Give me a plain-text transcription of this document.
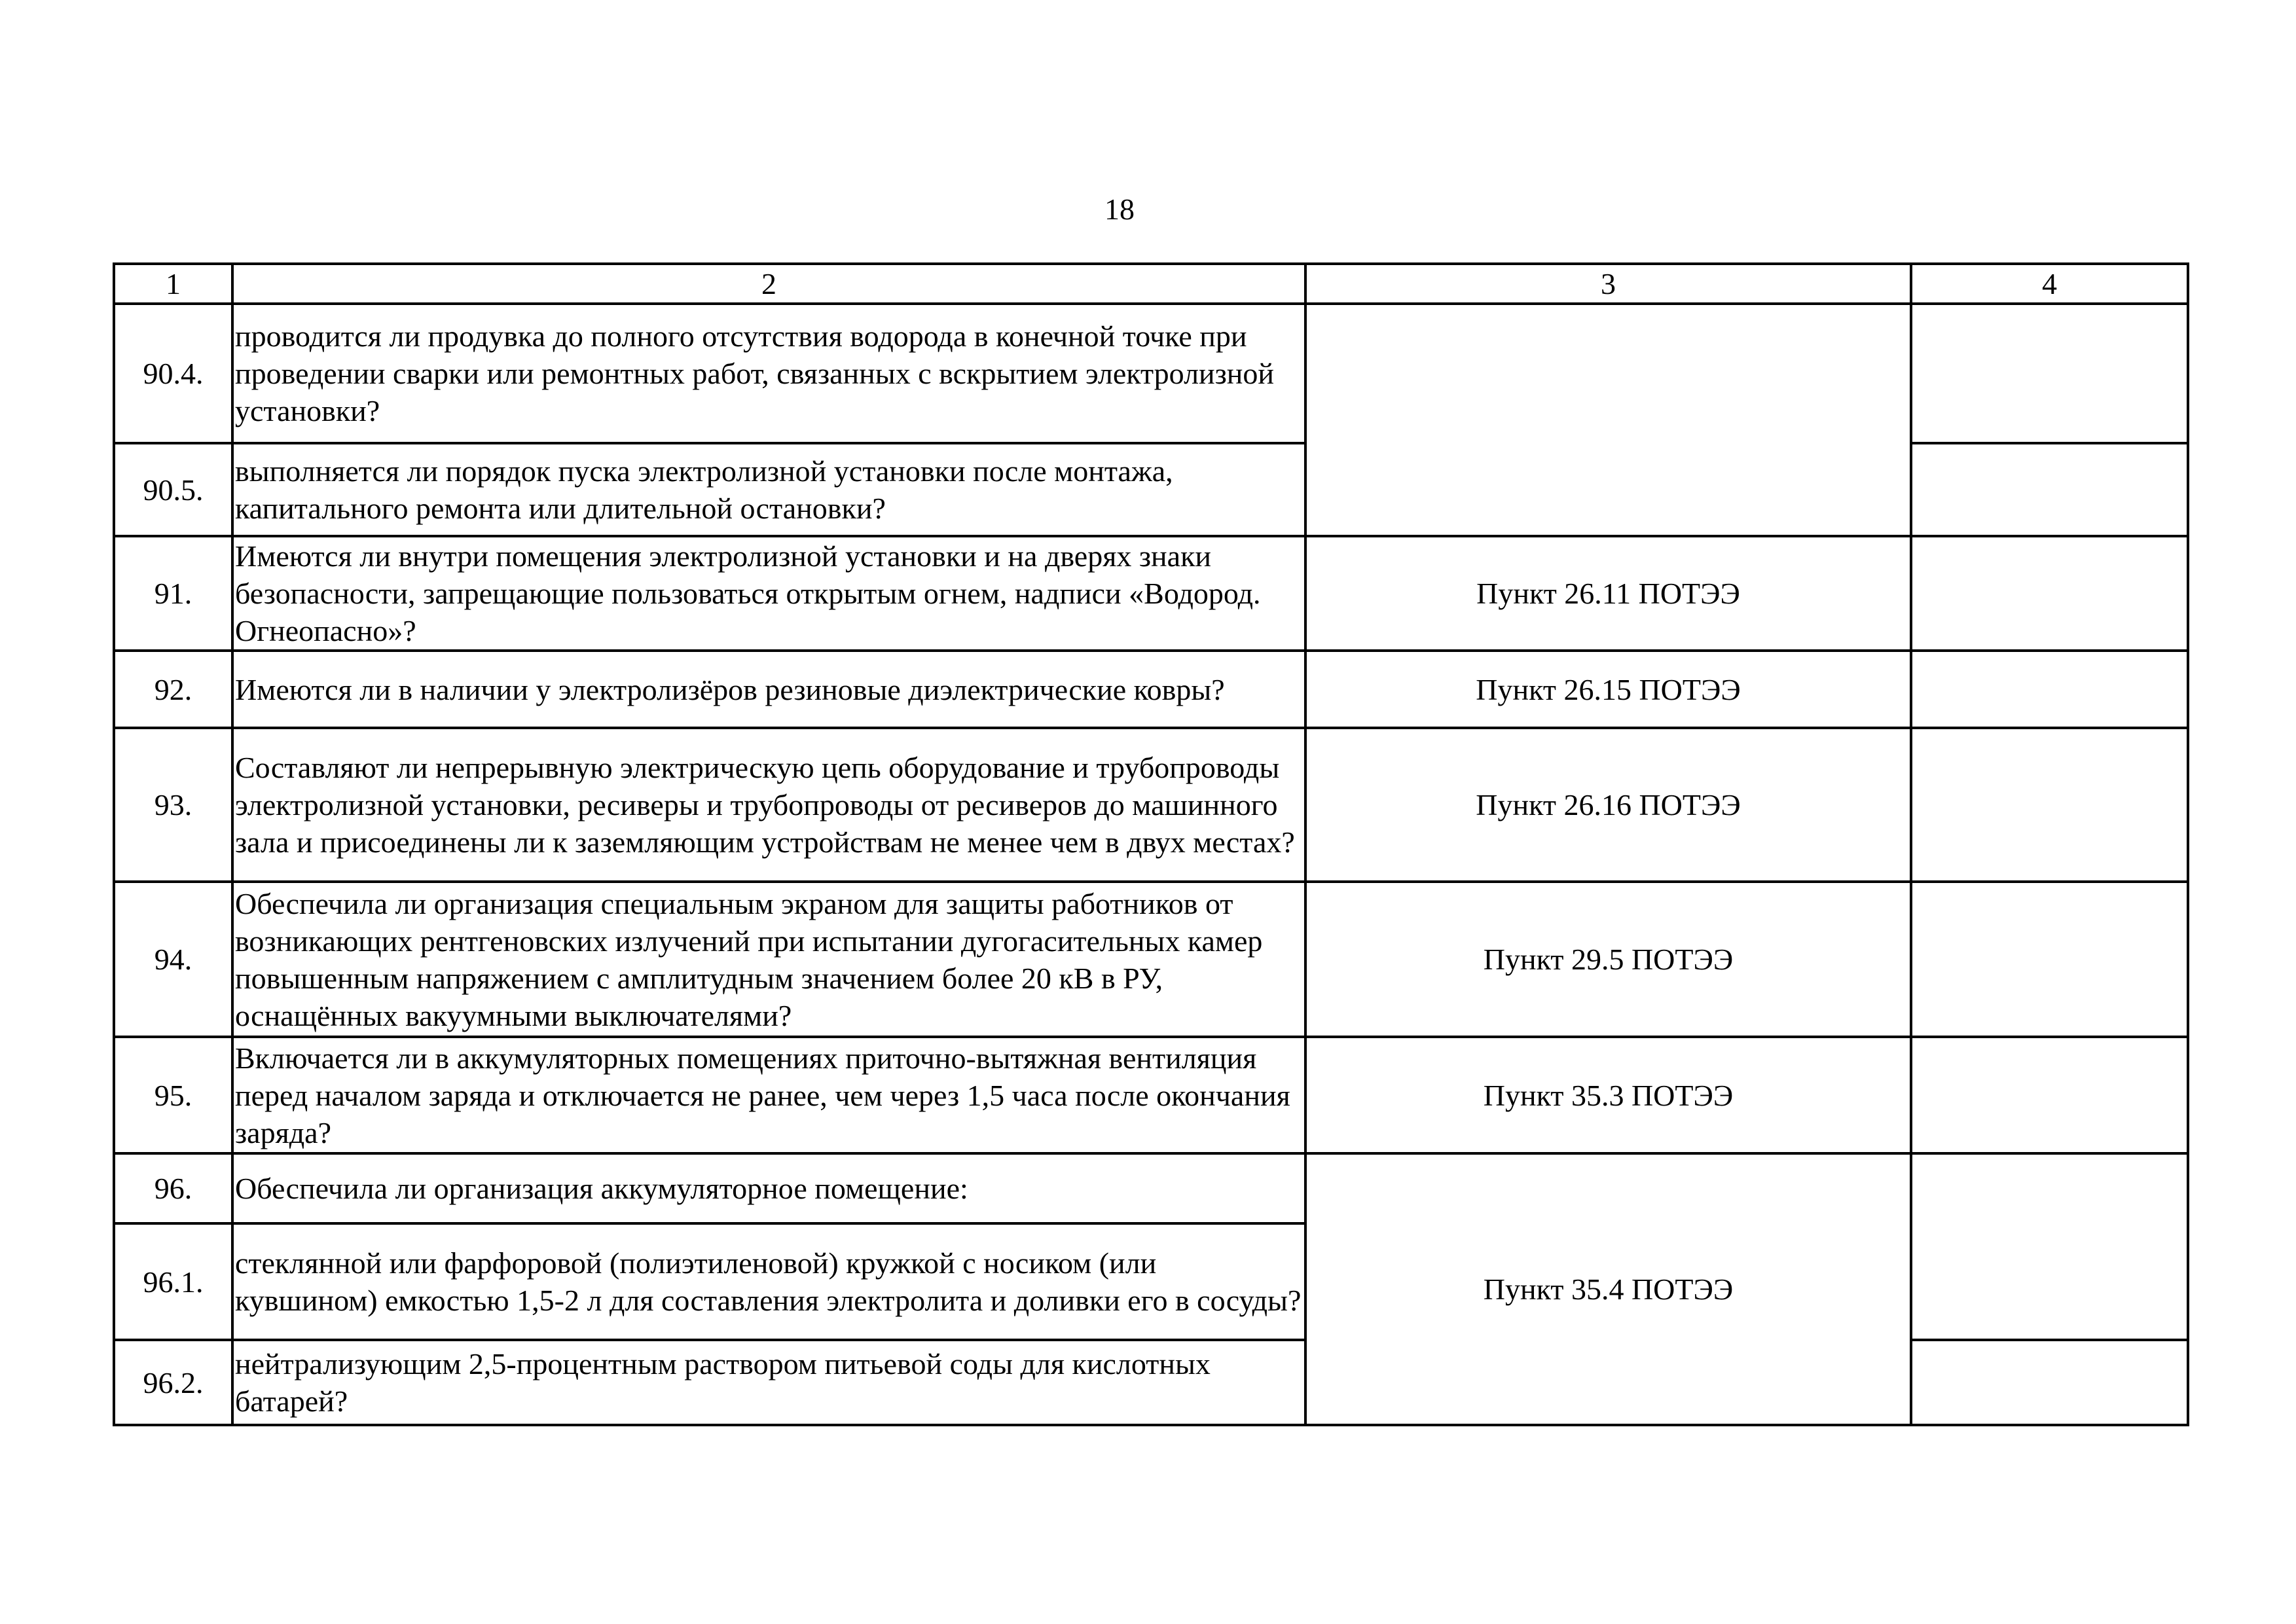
18
1	2	3	4
90.4.	проводится ли продувка до полного отсутствия водорода в конечной точке при проведении сварки или ремонтных работ, связанных с вскрытием электролизной установки?		
90.5.	выполняется ли порядок пуска электролизной установки после монтажа, капитального ремонта или длительной остановки?		
91.	Имеются ли внутри помещения электролизной установки и на дверях знаки безопасности, запрещающие пользоваться открытым огнем, надписи «Водород. Огнеопасно»?	Пункт 26.11 ПОТЭЭ	
92.	Имеются ли в наличии у электролизёров резиновые диэлектрические ковры?	Пункт 26.15 ПОТЭЭ	
93.	Составляют ли непрерывную электрическую цепь оборудование и трубопроводы электролизной установки, ресиверы и трубопроводы от ресиверов до машинного зала и присоединены ли к заземляющим устройствам не менее чем в двух местах?	Пункт 26.16 ПОТЭЭ	
94.	Обеспечила ли организация специальным экраном для защиты работников от возникающих рентгеновских излучений при испытании дугогасительных камер повышенным напряжением с амплитудным значением более 20 кВ в РУ, оснащённых вакуумными выключателями?	Пункт 29.5 ПОТЭЭ	
95.	Включается ли в аккумуляторных помещениях приточно-вытяжная вентиляция перед началом заряда и отключается не ранее, чем через 1,5 часа после окончания заряда?	Пункт 35.3 ПОТЭЭ	
96.	Обеспечила ли организация аккумуляторное помещение:	Пункт 35.4 ПОТЭЭ	
96.1.	стеклянной или фарфоровой (полиэтиленовой) кружкой с носиком (или кувшином) емкостью 1,5-2 л для составления электролита и доливки его в сосуды?		
96.2.	нейтрализующим 2,5-процентным раствором питьевой соды для кислотных батарей?		
